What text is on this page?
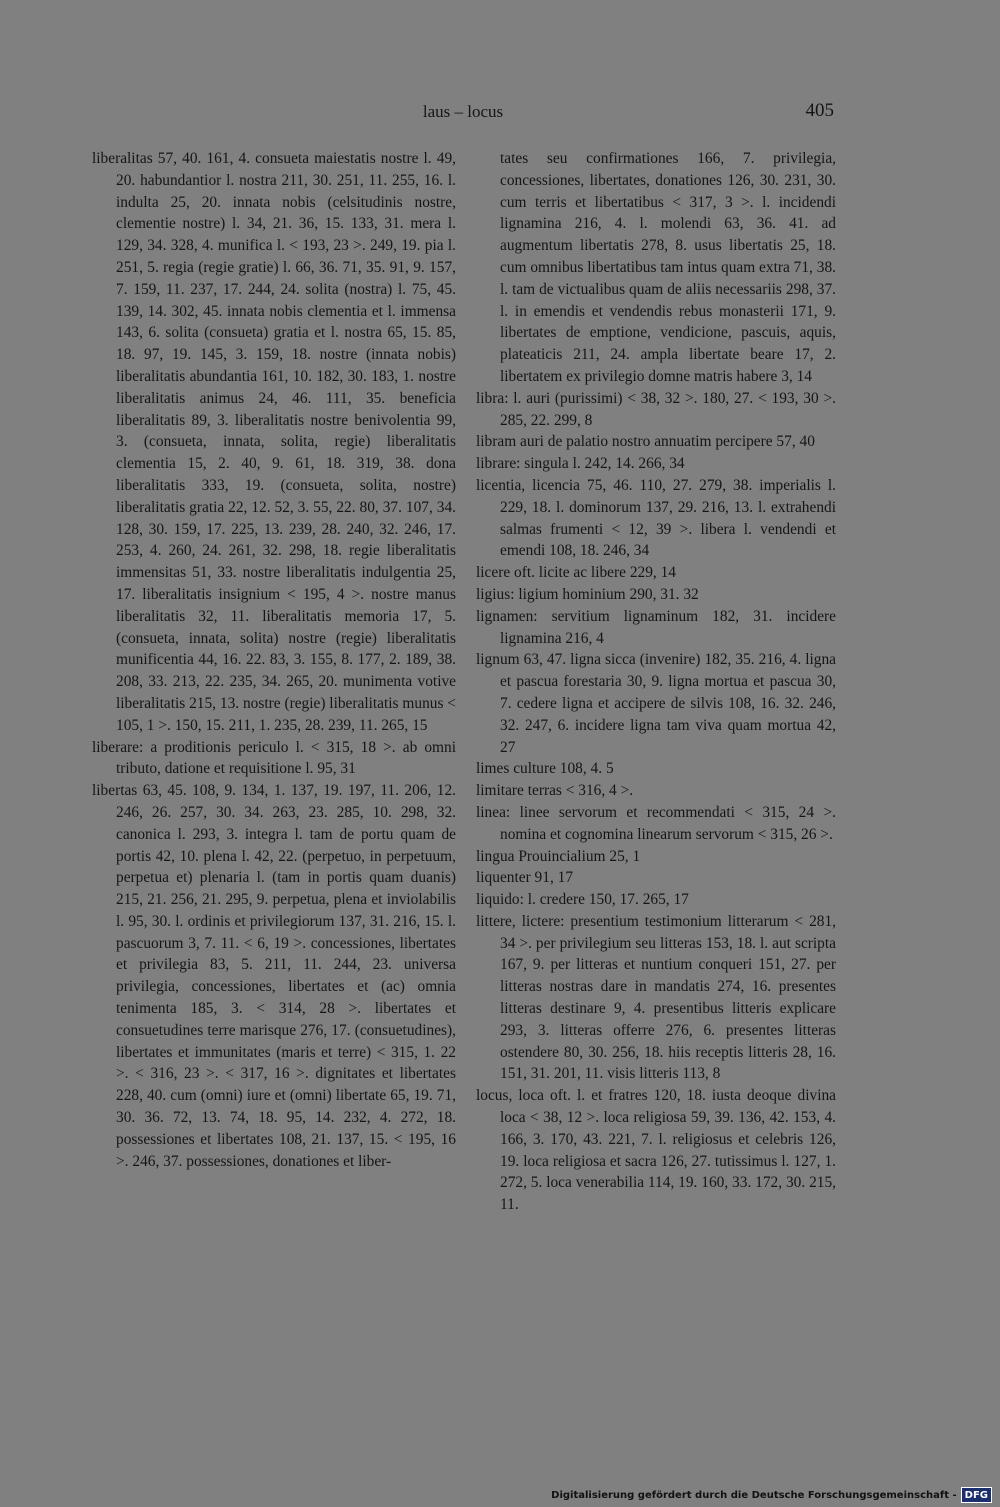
laus – locus	405

liberalitas 57, 40. 161, 4. consueta maiestatis nostre l. 49, 20. habundantior l. nostra 211, 30. 251, 11. 255, 16. l. indulta 25, 20. innata nobis (celsitudinis nostre, clementie nostre) l. 34, 21. 36, 15. 133, 31. mera l. 129, 34. 328, 4. munifica l. < 193, 23 >. 249, 19. pia l. 251, 5. regia (regie gratie) l. 66, 36. 71, 35. 91, 9. 157, 7. 159, 11. 237, 17. 244, 24. solita (nostra) l. 75, 45. 139, 14. 302, 45. innata nobis clementia et l. immensa 143, 6. solita (consueta) gratia et l. nostra 65, 15. 85, 18. 97, 19. 145, 3. 159, 18. nostre (innata nobis) liberalitatis abundantia 161, 10. 182, 30. 183, 1. nostre liberalitatis animus 24, 46. 111, 35. beneficia liberalitatis 89, 3. liberalitatis nostre benivolentia 99, 3. (consueta, innata, solita, regie) liberalitatis clementia 15, 2. 40, 9. 61, 18. 319, 38. dona liberalitatis 333, 19. (consueta, solita, nostre) liberalitatis gratia 22, 12. 52, 3. 55, 22. 80, 37. 107, 34. 128, 30. 159, 17. 225, 13. 239, 28. 240, 32. 246, 17. 253, 4. 260, 24. 261, 32. 298, 18. regie liberalitatis immensitas 51, 33. nostre liberalitatis indulgentia 25, 17. liberalitatis insignium < 195, 4 >. nostre manus liberalitatis 32, 11. liberalitatis memoria 17, 5. (consueta, innata, solita) nostre (regie) liberalitatis munificentia 44, 16. 22. 83, 3. 155, 8. 177, 2. 189, 38. 208, 33. 213, 22. 235, 34. 265, 20. munimenta votive liberalitatis 215, 13. nostre (regie) liberalitatis munus < 105, 1 >. 150, 15. 211, 1. 235, 28. 239, 11. 265, 15

liberare: a proditionis periculo l. < 315, 18 >. ab omni tributo, datione et requisitione l. 95, 31

libertas 63, 45. 108, 9. 134, 1. 137, 19. 197, 11. 206, 12. 246, 26. 257, 30. 34. 263, 23. 285, 10. 298, 32. canonica l. 293, 3. integra l. tam de portu quam de portis 42, 10. plena l. 42, 22. (perpetuo, in perpetuum, perpetua et) plenaria l. (tam in portis quam duanis) 215, 21. 256, 21. 295, 9. perpetua, plena et inviolabilis l. 95, 30. l. ordinis et privilegiorum 137, 31. 216, 15. l. pascuorum 3, 7. 11. < 6, 19 >. concessiones, libertates et privilegia 83, 5. 211, 11. 244, 23. universa privilegia, concessiones, libertates et (ac) omnia tenimenta 185, 3. < 314, 28 >. libertates et consuetudines terre marisque 276, 17. (consuetudines), libertates et immunitates (maris et terre) < 315, 1. 22 >. < 316, 23 >. < 317, 16 >. dignitates et libertates 228, 40. cum (omni) iure et (omni) libertate 65, 19. 71, 30. 36. 72, 13. 74, 18. 95, 14. 232, 4. 272, 18. possessiones et libertates 108, 21. 137, 15. < 195, 16 >. 246, 37. possessiones, donationes et liber-

tates seu confirmationes 166, 7. privilegia, concessiones, libertates, donationes 126, 30. 231, 30. cum terris et libertatibus < 317, 3 >. l. incidendi lignamina 216, 4. l. molendi 63, 36. 41. ad augmentum libertatis 278, 8. usus libertatis 25, 18. cum omnibus libertatibus tam intus quam extra 71, 38. l. tam de victualibus quam de aliis necessariis 298, 37. l. in emendis et vendendis rebus monasterii 171, 9. libertates de emptione, vendicione, pascuis, aquis, plateaticis 211, 24. ampla libertate beare 17, 2. libertatem ex privilegio domne matris habere 3, 14

libra: l. auri (purissimi) < 38, 32 >. 180, 27. < 193, 30 >. 285, 22. 299, 8

libram auri de palatio nostro annuatim percipere 57, 40

librare: singula l. 242, 14. 266, 34

licentia, licencia 75, 46. 110, 27. 279, 38. imperialis l. 229, 18. l. dominorum 137, 29. 216, 13. l. extrahendi salmas frumenti < 12, 39 >. libera l. vendendi et emendi 108, 18. 246, 34

licere oft. licite ac libere 229, 14

ligius: ligium hominium 290, 31. 32

lignamen: servitium lignaminum 182, 31. incidere lignamina 216, 4

lignum 63, 47. ligna sicca (invenire) 182, 35. 216, 4. ligna et pascua forestaria 30, 9. ligna mortua et pascua 30, 7. cedere ligna et accipere de silvis 108, 16. 32. 246, 32. 247, 6. incidere ligna tam viva quam mortua 42, 27

limes culture 108, 4. 5

limitare terras < 316, 4 >.

linea: linee servorum et recommendati < 315, 24 >. nomina et cognomina linearum servorum < 315, 26 >.

lingua Prouincialium 25, 1

liquenter 91, 17

liquido: l. credere 150, 17. 265, 17

littere, lictere: presentium testimonium litterarum < 281, 34 >. per privilegium seu litteras 153, 18. l. aut scripta 167, 9. per litteras et nuntium conqueri 151, 27. per litteras nostras dare in mandatis 274, 16. presentes litteras destinare 9, 4. presentibus litteris explicare 293, 3. litteras offerre 276, 6. presentes litteras ostendere 80, 30. 256, 18. hiis receptis litteris 28, 16. 151, 31. 201, 11. visis litteris 113, 8

locus, loca oft. l. et fratres 120, 18. iusta deoque divina loca < 38, 12 >. loca religiosa 59, 39. 136, 42. 153, 4. 166, 3. 170, 43. 221, 7. l. religiosus et celebris 126, 19. loca religiosa et sacra 126, 27. tutissimus l. 127, 1. 272, 5. loca venerabilia 114, 19. 160, 33. 172, 30. 215, 11.

Digitalisierung gefördert durch die Deutsche Forschungsgemeinschaft - DFG
